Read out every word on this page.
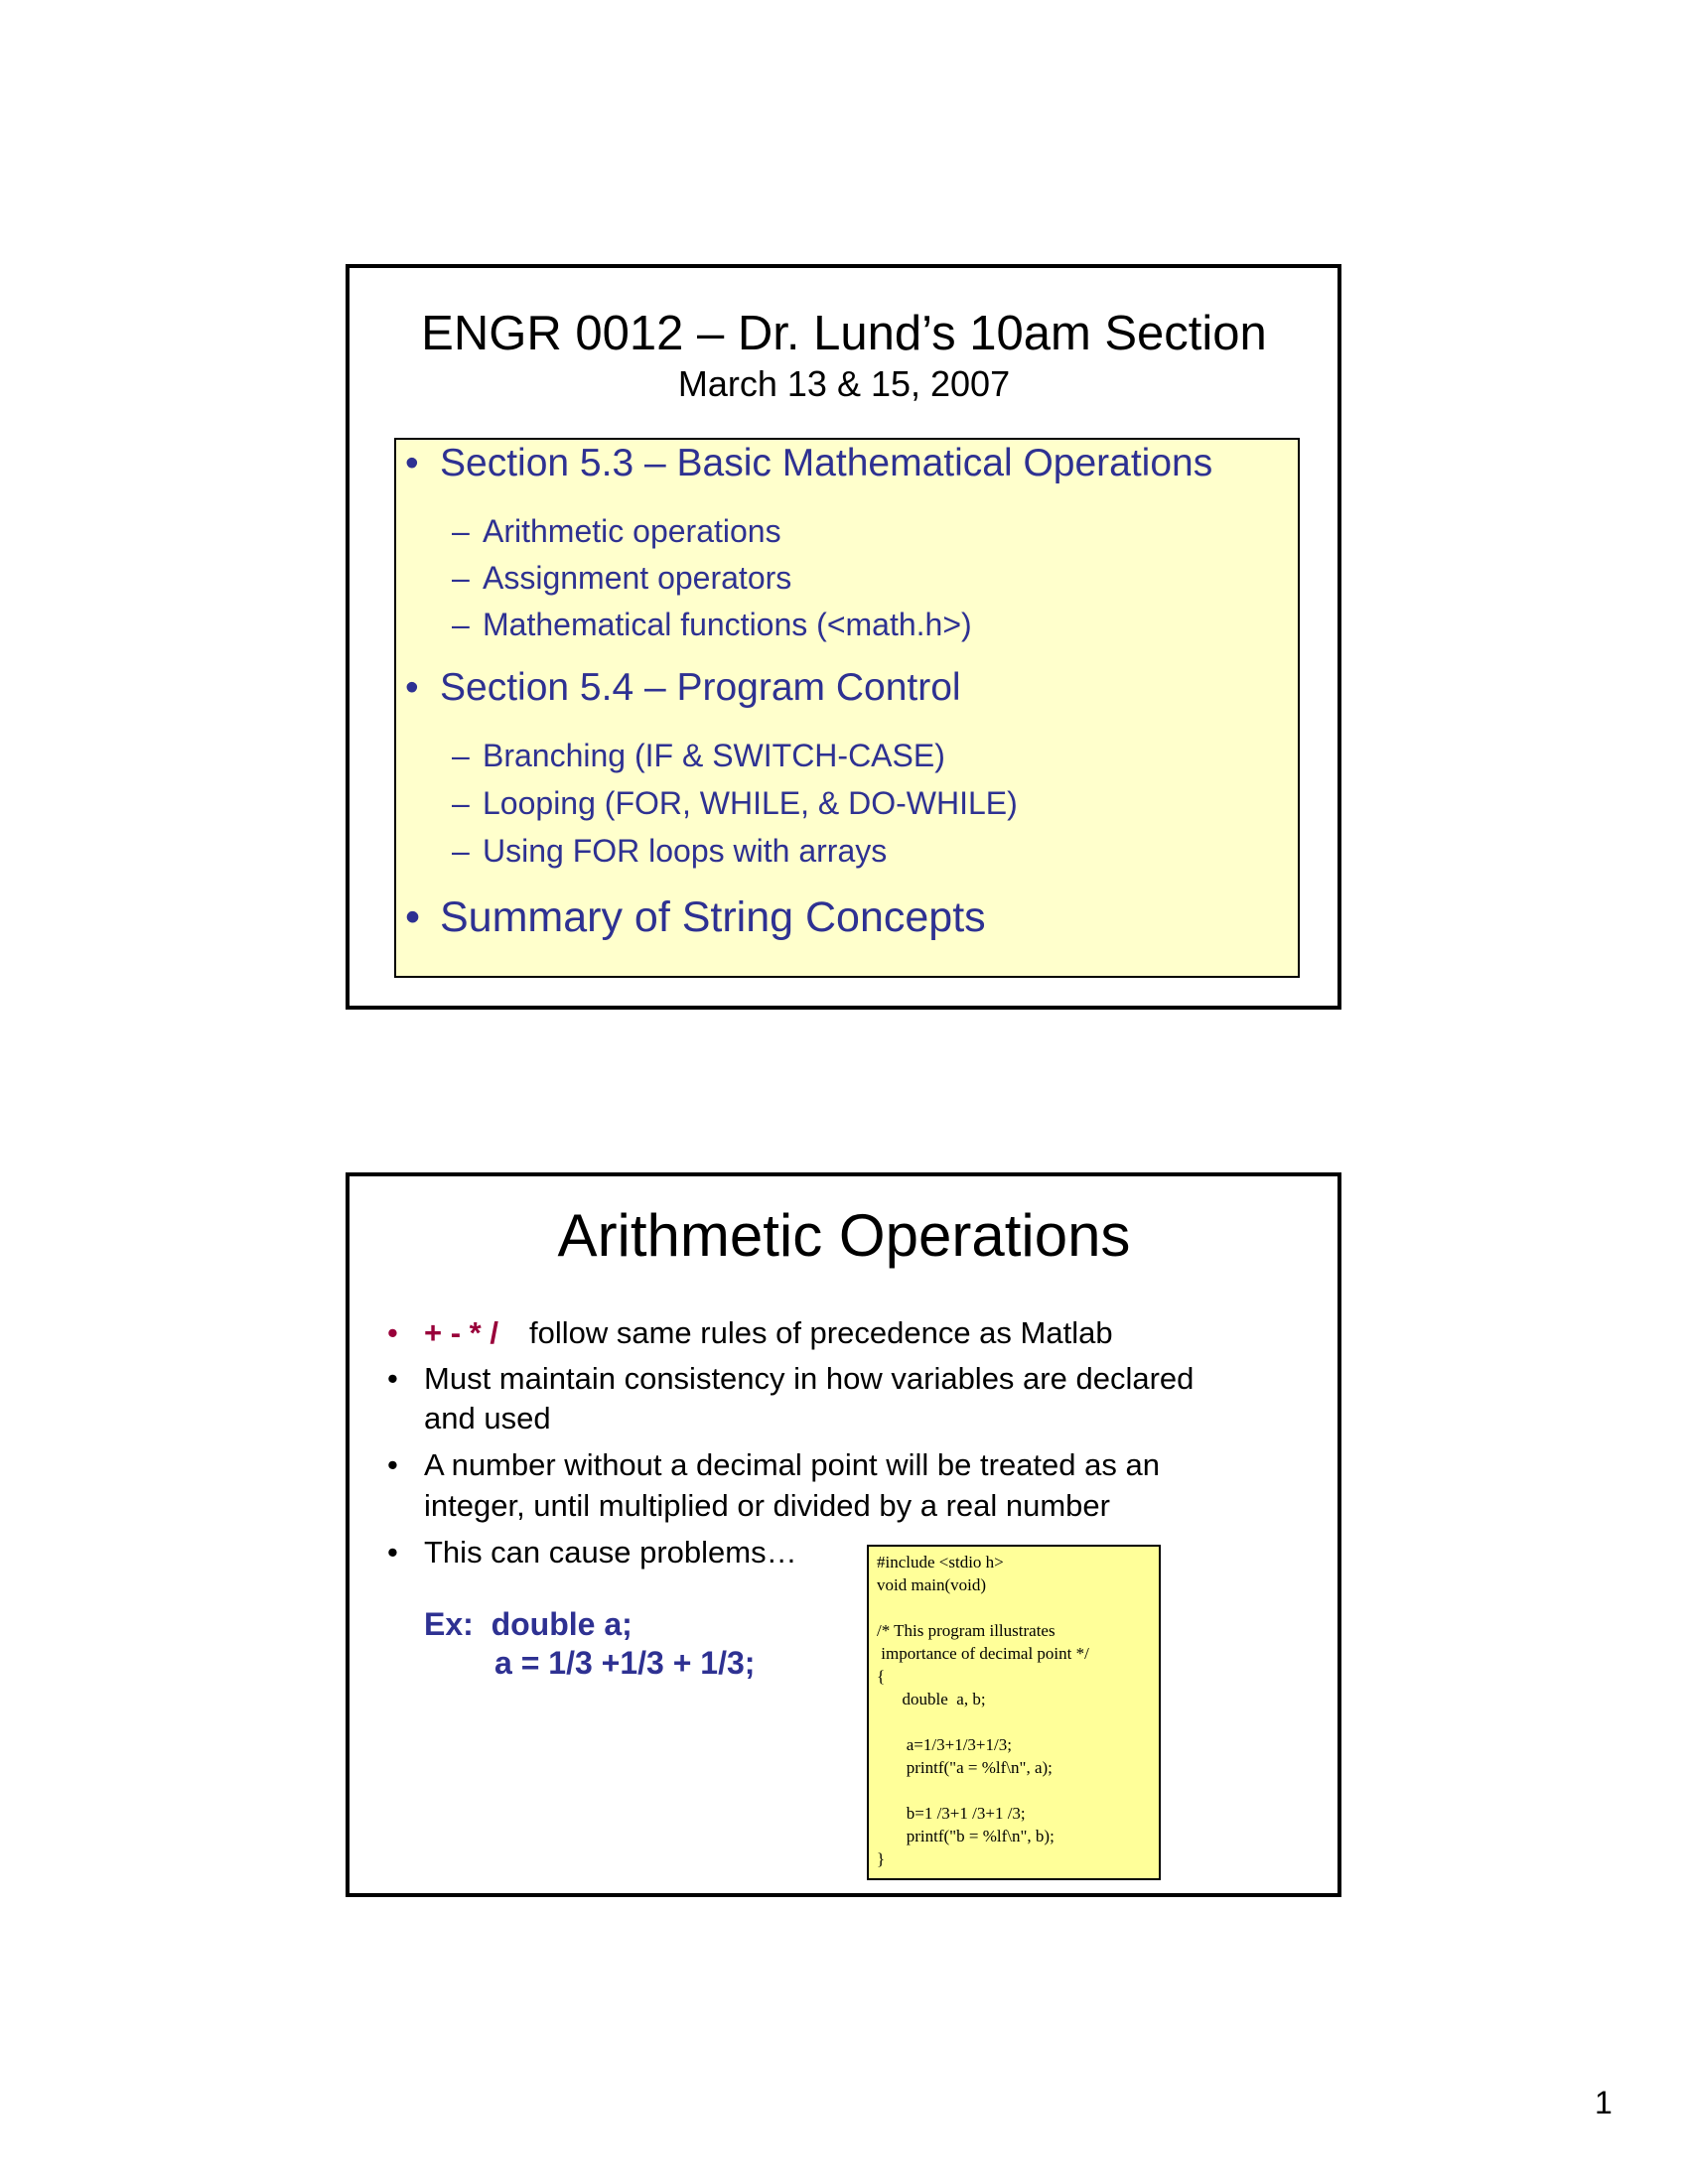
ENGR 0012 – Dr. Lund’s 10am Section
March 13 & 15, 2007
• Section 5.3 – Basic Mathematical Operations
– Arithmetic operations
– Assignment operators
– Mathematical functions (<math.h>)
• Section 5.4 – Program Control
– Branching (IF & SWITCH-CASE)
– Looping (FOR, WHILE, & DO-WHILE)
– Using FOR loops with arrays
• Summary of String Concepts
Arithmetic Operations
• + - * / follow same rules of precedence as Matlab
• Must maintain consistency in how variables are declared
and used
• A number without a decimal point will be treated as an
integer, until multiplied or divided by a real number
• This can cause problems…
Ex:  double a;
a = 1/3 +1/3 + 1/3;
#include <stdio h>
void main(void)
/* This program illustrates
importance of decimal point */
{
double  a, b;
a=1/3+1/3+1/3;
printf("a = %lf\n", a);
b=1 /3+1 /3+1 /3;
printf("b = %lf\n", b);
}
1
